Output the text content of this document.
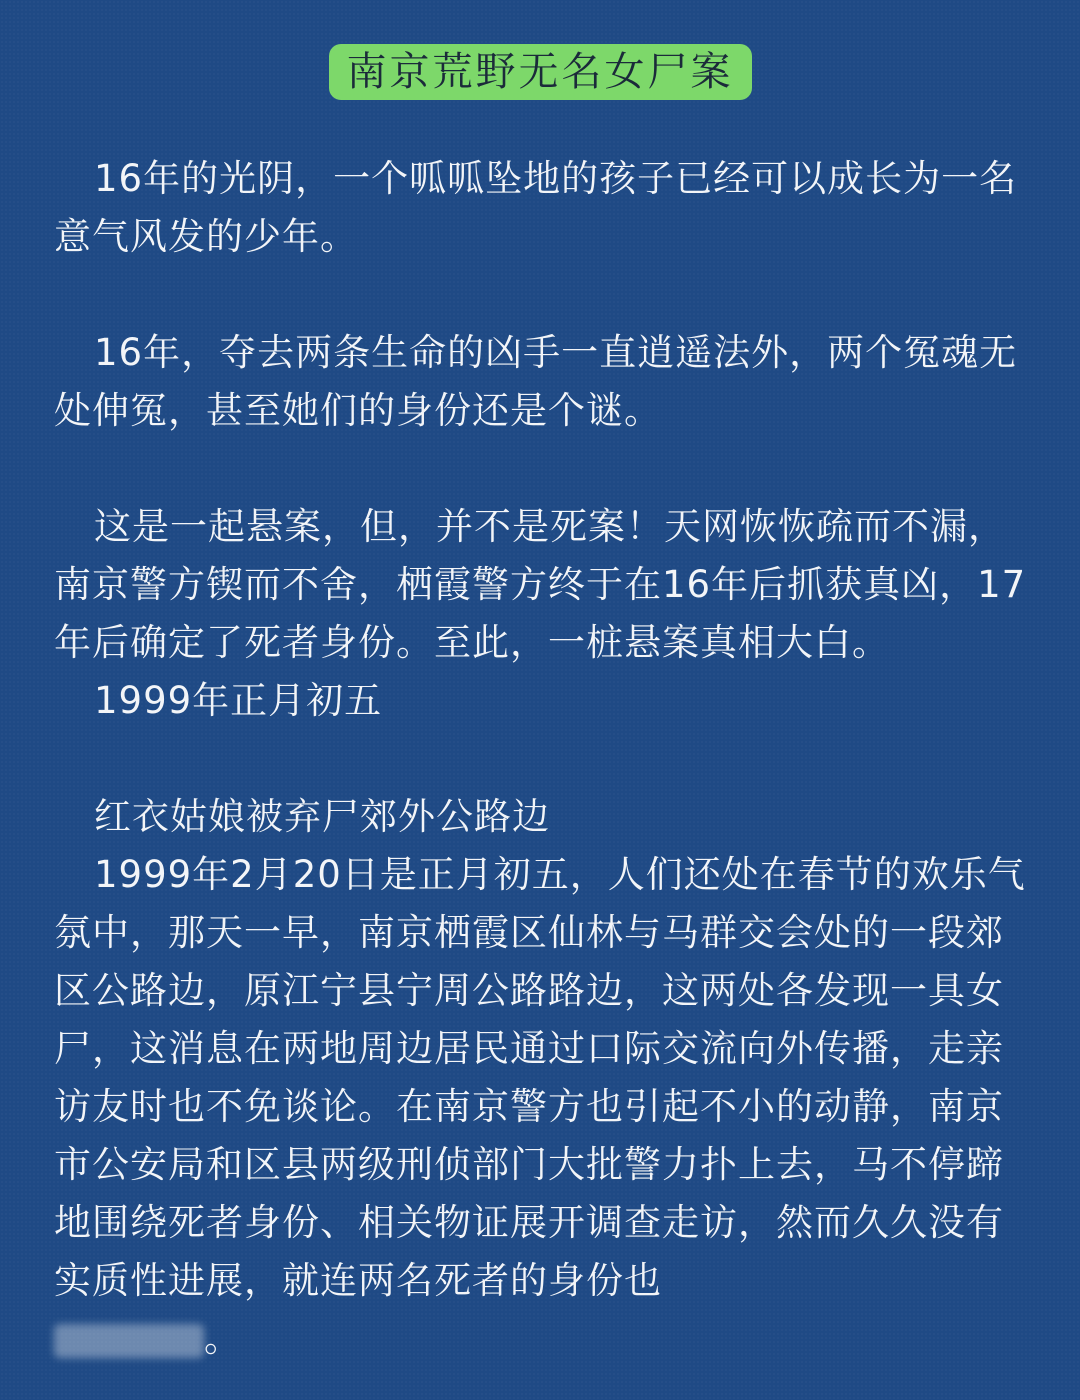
南京荒野无名女尸案

16年的光阴，一个呱呱坠地的孩子已经可以成长为一名意气风发的少年。

16年，夺去两条生命的凶手一直逍遥法外，两个冤魂无处伸冤，甚至她们的身份还是个谜。

这是一起悬案，但，并不是死案！天网恢恢疏而不漏，南京警方锲而不舍，栖霞警方终于在16年后抓获真凶，17年后确定了死者身份。至此，一桩悬案真相大白。

1999年正月初五

红衣姑娘被弃尸郊外公路边

1999年2月20日是正月初五，人们还处在春节的欢乐气氛中，那天一早，南京栖霞区仙林与马群交会处的一段郊区公路边，原江宁县宁周公路路边，这两处各发现一具女尸，这消息在两地周边居民通过口际交流向外传播，走亲访友时也不免谈论。在南京警方也引起不小的动静，南京市公安局和区县两级刑侦部门大批警力扑上去，马不停蹄地围绕死者身份、相关物证展开调查走访，然而久久没有实质性进展，就连两名死者的身份也

。
